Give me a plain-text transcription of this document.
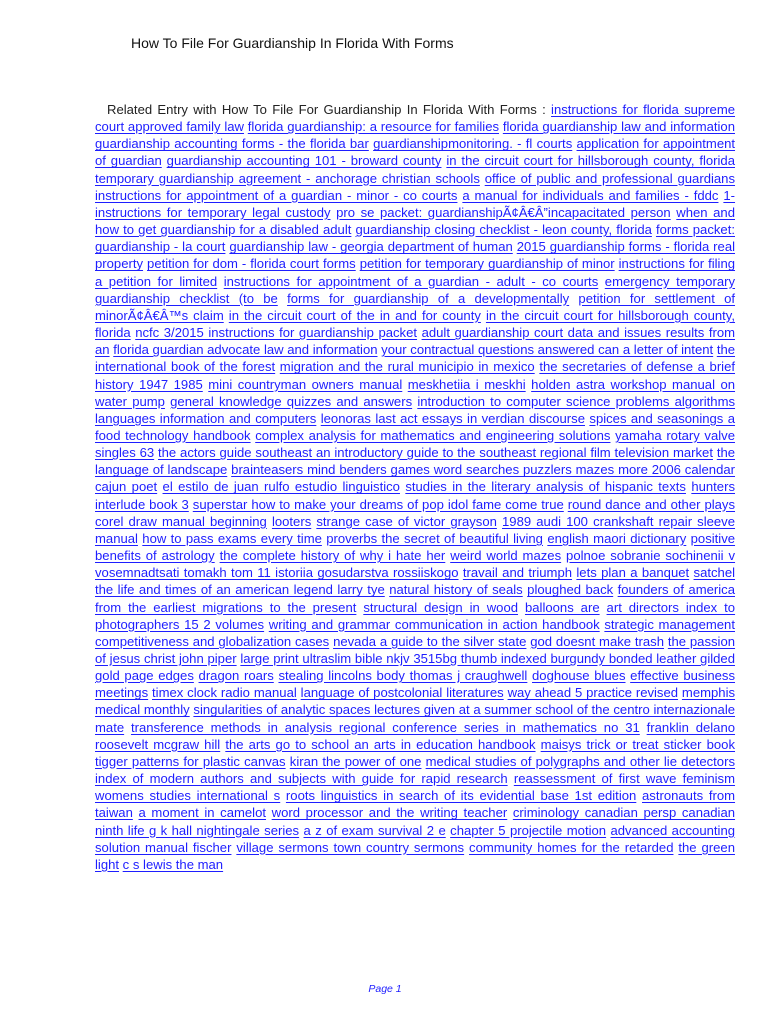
How To File For Guardianship In Florida With Forms
Related Entry with How To File For Guardianship In Florida With Forms : instructions for florida supreme court approved family law florida guardianship: a resource for families florida guardianship law and information guardianship accounting forms - the florida bar guardianshipmonitoring. - fl courts application for appointment of guardian guardianship accounting 101 - broward county in the circuit court for hillsborough county, florida temporary guardianship agreement - anchorage christian schools office of public and professional guardians instructions for appointment of a guardian - minor - co courts a manual for individuals and families - fddc 1-instructions for temporary legal custody pro se packet: guardianshipÃ¢Â€Â”incapacitated person when and how to get guardianship for a disabled adult guardianship closing checklist - leon county, florida forms packet: guardianship - la court guardianship law - georgia department of human 2015 guardianship forms - florida real property petition for dom - florida court forms petition for temporary guardianship of minor instructions for filing a petition for limited instructions for appointment of a guardian - adult - co courts emergency temporary guardianship checklist (to be forms for guardianship of a developmentally petition for settlement of minorÃ¢Â€Â™s claim in the circuit court of the in and for county in the circuit court for hillsborough county, florida ncfc 3/2015 instructions for guardianship packet adult guardianship court data and issues results from an florida guardian advocate law and information your contractual questions answered can a letter of intent the international book of the forest migration and the rural municipio in mexico the secretaries of defense a brief history 1947 1985 mini countryman owners manual meskhetiia i meskhi holden astra workshop manual on water pump general knowledge quizzes and answers introduction to computer science problems algorithms languages information and computers leonoras last act essays in verdian discourse spices and seasonings a food technology handbook complex analysis for mathematics and engineering solutions yamaha rotary valve singles 63 the actors guide southeast an introductory guide to the southeast regional film television market the language of landscape brainteasers mind benders games word searches puzzlers mazes more 2006 calendar cajun poet el estilo de juan rulfo estudio linguistico studies in the literary analysis of hispanic texts hunters interlude book 3 superstar how to make your dreams of pop idol fame come true round dance and other plays corel draw manual beginning looters strange case of victor grayson 1989 audi 100 crankshaft repair sleeve manual how to pass exams every time proverbs the secret of beautiful living english maori dictionary positive benefits of astrology the complete history of why i hate her weird world mazes polnoe sobranie sochinenii v vosemnadtsati tomakh tom 11 istoriia gosudarstva rossiiskogo travail and triumph lets plan a banquet satchel the life and times of an american legend larry tye natural history of seals ploughed back founders of america from the earliest migrations to the present structural design in wood balloons are art directors index to photographers 15 2 volumes writing and grammar communication in action handbook strategic management competitiveness and globalization cases nevada a guide to the silver state god doesnt make trash the passion of jesus christ john piper large print ultraslim bible nkjv 3515bg thumb indexed burgundy bonded leather gilded gold page edges dragon roars stealing lincolns body thomas j craughwell doghouse blues effective business meetings timex clock radio manual language of postcolonial literatures way ahead 5 practice revised memphis medical monthly singularities of analytic spaces lectures given at a summer school of the centro internazionale mate transference methods in analysis regional conference series in mathematics no 31 franklin delano roosevelt mcgraw hill the arts go to school an arts in education handbook maisys trick or treat sticker book tigger patterns for plastic canvas kiran the power of one medical studies of polygraphs and other lie detectors index of modern authors and subjects with guide for rapid research reassessment of first wave feminism womens studies international s roots linguistics in search of its evidential base 1st edition astronauts from taiwan a moment in camelot word processor and the writing teacher criminology canadian persp canadian ninth life g k hall nightingale series a z of exam survival 2 e chapter 5 projectile motion advanced accounting solution manual fischer village sermons town country sermons community homes for the retarded the green light c s lewis the man
Page 1
